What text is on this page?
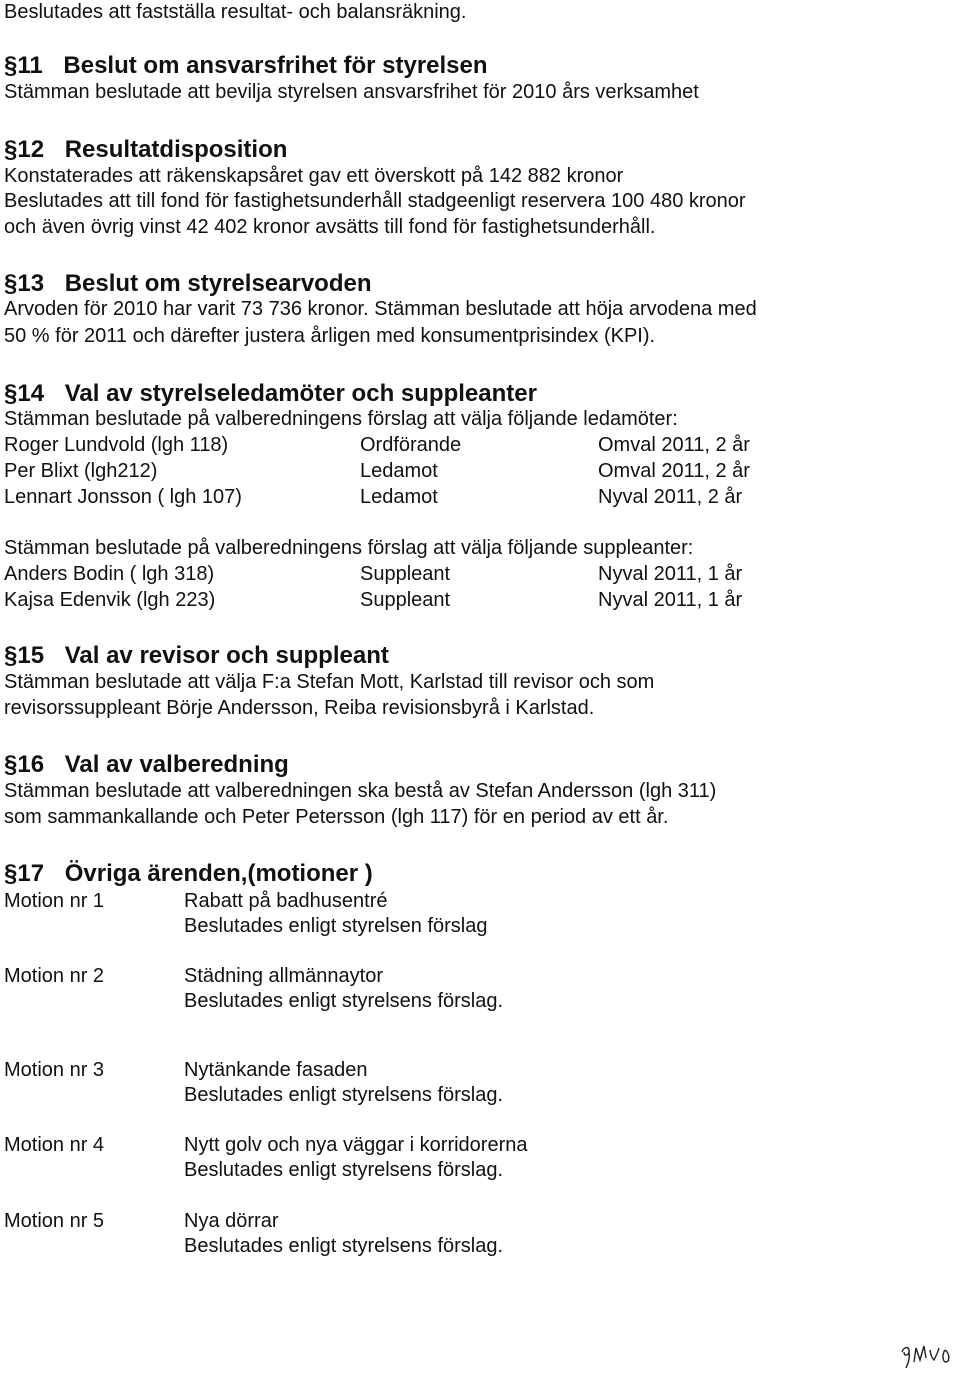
Beslutades att fastställa resultat- och balansräkning.
§11 Beslut om ansvarsfrihet för styrelsen
Stämman beslutade att bevilja styrelsen ansvarsfrihet för 2010 års verksamhet
§12 Resultatdisposition
Konstaterades att räkenskapsåret gav ett överskott på 142 882 kronor
Beslutades att till fond för fastighetsunderhåll stadgeenligt reservera 100 480 kronor
och även övrig vinst 42 402 kronor avsätts till fond för fastighetsunderhåll.
§13 Beslut om styrelsearvoden
Arvoden för 2010 har varit 73 736 kronor. Stämman beslutade att höja arvodena med
50 % för 2011 och därefter justera årligen med konsumentprisindex (KPI).
§14 Val av styrelseledamöter och suppleanter
Stämman beslutade på valberedningens förslag att välja följande ledamöter:
Roger Lundvold (lgh 118)	Ordförande	Omval 2011, 2 år
Per Blixt (lgh212)	Ledamot	Omval 2011, 2 år
Lennart Jonsson ( lgh 107)	Ledamot	Nyval 2011, 2 år
Stämman beslutade på valberedningens förslag att välja följande suppleanter:
Anders Bodin ( lgh 318)	Suppleant	Nyval 2011, 1 år
Kajsa Edenvik (lgh 223)	Suppleant	Nyval 2011, 1 år
§15 Val av revisor och suppleant
Stämman beslutade att välja F:a Stefan Mott, Karlstad till revisor och som
revisorssuppleant Börje Andersson, Reiba revisionsbyrå i Karlstad.
§16 Val av valberedning
Stämman beslutade att valberedningen ska bestå av Stefan Andersson (lgh 311)
som sammankallande och Peter Petersson (lgh 117) för en period av ett år.
§17 Övriga ärenden,(motioner )
Motion nr 1	Rabatt på badhusentré
Beslutades enligt styrelsen förslag
Motion nr 2	Städning allmännaytor
Beslutades enligt styrelsens förslag.
Motion nr 3	Nytänkande fasaden
Beslutades enligt styrelsens förslag.
Motion nr 4	Nytt golv och nya väggar i korridorerna
Beslutades enligt styrelsens förslag.
Motion nr 5	Nya dörrar
Beslutades enligt styrelsens förslag.
